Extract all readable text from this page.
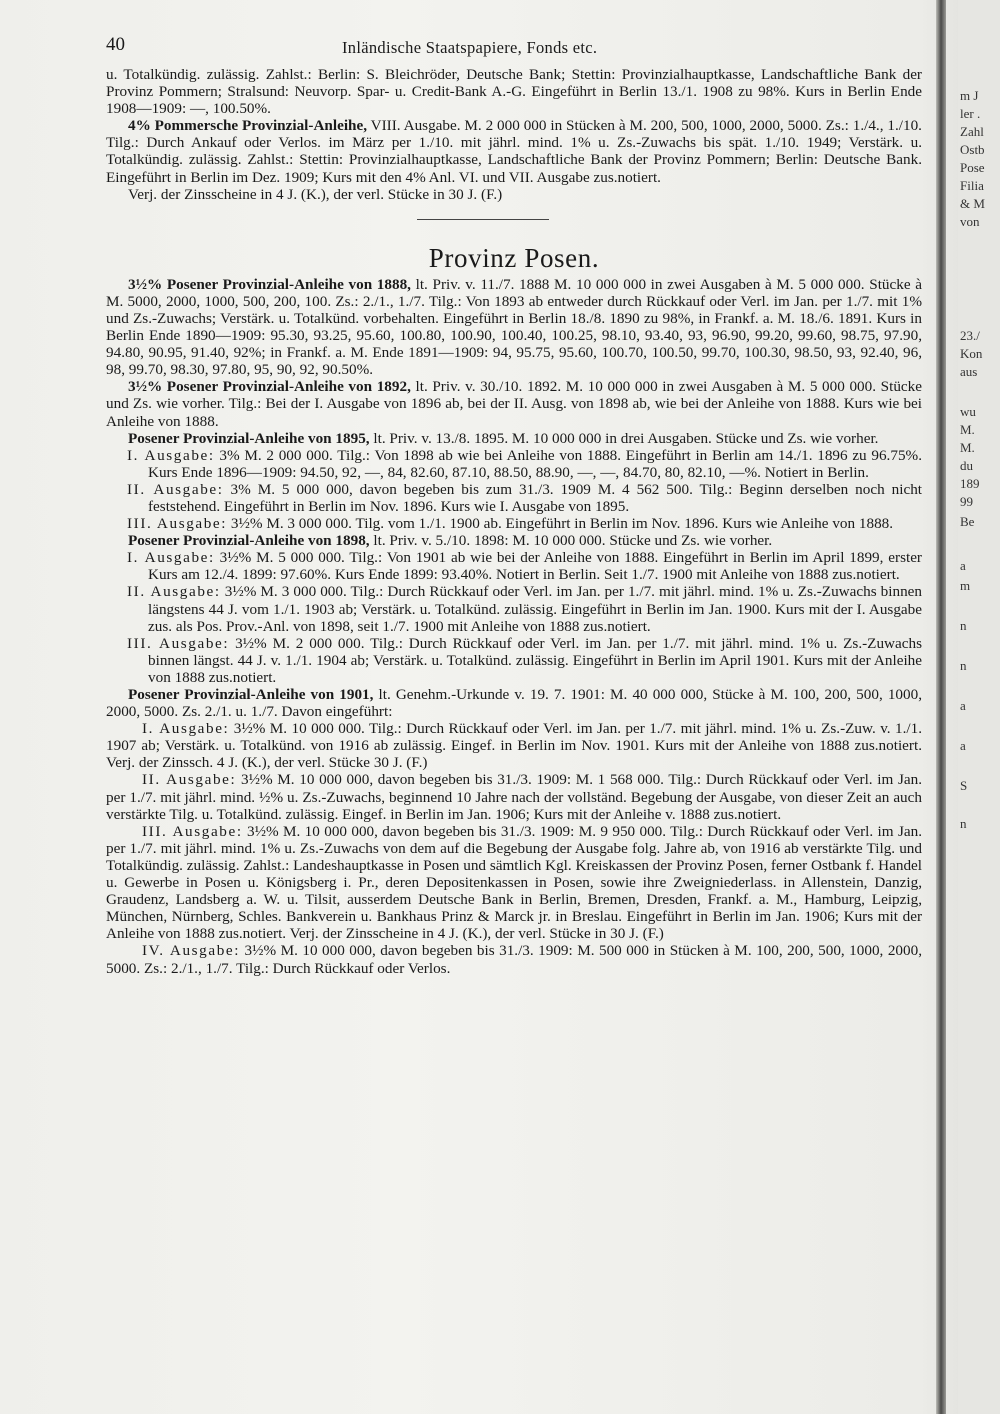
m J
ler .
Zahl
Ostb
Pose
Filia
& M
von
23./
Kon
aus
wu
M.
M.
du
189
99
Be
a
m
n
n
a
a
S
n
40	Inländische Staatspapiere, Fonds etc.

u. Totalkündig. zulässig. Zahlst.: Berlin: S. Bleichröder, Deutsche Bank; Stettin: Provinzialhauptkasse, Landschaftliche Bank der Provinz Pommern; Stralsund: Neuvorp. Spar- u. Credit-Bank A.-G. Eingeführt in Berlin 13./1. 1908 zu 98%. Kurs in Berlin Ende 1908—1909: —, 100.50%.

4% Pommersche Provinzial-Anleihe, VIII. Ausgabe. M. 2 000 000 in Stücken à M. 200, 500, 1000, 2000, 5000. Zs.: 1./4., 1./10. Tilg.: Durch Ankauf oder Verlos. im März per 1./10. mit jährl. mind. 1% u. Zs.-Zuwachs bis spät. 1./10. 1949; Verstärk. u. Totalkündig. zulässig. Zahlst.: Stettin: Provinzialhauptkasse, Landschaftliche Bank der Provinz Pommern; Berlin: Deutsche Bank. Eingeführt in Berlin im Dez. 1909; Kurs mit den 4% Anl. VI. und VII. Ausgabe zus.notiert.

Verj. der Zinsscheine in 4 J. (K.), der verl. Stücke in 30 J. (F.)

Provinz Posen.

3½% Posener Provinzial-Anleihe von 1888, lt. Priv. v. 11./7. 1888 M. 10 000 000 in zwei Ausgaben à M. 5 000 000. Stücke à M. 5000, 2000, 1000, 500, 200, 100. Zs.: 2./1., 1./7. Tilg.: Von 1893 ab entweder durch Rückkauf oder Verl. im Jan. per 1./7. mit 1% und Zs.-Zuwachs; Verstärk. u. Totalkünd. vorbehalten. Eingeführt in Berlin 18./8. 1890 zu 98%, in Frankf. a. M. 18./6. 1891. Kurs in Berlin Ende 1890—1909: 95.30, 93.25, 95.60, 100.80, 100.90, 100.40, 100.25, 98.10, 93.40, 93, 96.90, 99.20, 99.60, 98.75, 97.90, 94.80, 90.95, 91.40, 92%; in Frankf. a. M. Ende 1891—1909: 94, 95.75, 95.60, 100.70, 100.50, 99.70, 100.30, 98.50, 93, 92.40, 96, 98, 99.70, 98.30, 97.80, 95, 90, 92, 90.50%.

3½% Posener Provinzial-Anleihe von 1892, lt. Priv. v. 30./10. 1892. M. 10 000 000 in zwei Ausgaben à M. 5 000 000. Stücke und Zs. wie vorher. Tilg.: Bei der I. Ausgabe von 1896 ab, bei der II. Ausg. von 1898 ab, wie bei der Anleihe von 1888. Kurs wie bei Anleihe von 1888.

Posener Provinzial-Anleihe von 1895, lt. Priv. v. 13./8. 1895. M. 10 000 000 in drei Ausgaben. Stücke und Zs. wie vorher.

I. Ausgabe: 3% M. 2 000 000. Tilg.: Von 1898 ab wie bei Anleihe von 1888. Eingeführt in Berlin am 14./1. 1896 zu 96.75%. Kurs Ende 1896—1909: 94.50, 92, —, 84, 82.60, 87.10, 88.50, 88.90, —, —, 84.70, 80, 82.10, —%. Notiert in Berlin.

II. Ausgabe: 3% M. 5 000 000, davon begeben bis zum 31./3. 1909 M. 4 562 500. Tilg.: Beginn derselben noch nicht feststehend. Eingeführt in Berlin im Nov. 1896. Kurs wie I. Ausgabe von 1895.

III. Ausgabe: 3½% M. 3 000 000. Tilg. vom 1./1. 1900 ab. Eingeführt in Berlin im Nov. 1896. Kurs wie Anleihe von 1888.

Posener Provinzial-Anleihe von 1898, lt. Priv. v. 5./10. 1898: M. 10 000 000. Stücke und Zs. wie vorher.

I. Ausgabe: 3½% M. 5 000 000. Tilg.: Von 1901 ab wie bei der Anleihe von 1888. Eingeführt in Berlin im April 1899, erster Kurs am 12./4. 1899: 97.60%. Kurs Ende 1899: 93.40%. Notiert in Berlin. Seit 1./7. 1900 mit Anleihe von 1888 zus.notiert.

II. Ausgabe: 3½% M. 3 000 000. Tilg.: Durch Rückkauf oder Verl. im Jan. per 1./7. mit jährl. mind. 1% u. Zs.-Zuwachs binnen längstens 44 J. vom 1./1. 1903 ab; Verstärk. u. Totalkünd. zulässig. Eingeführt in Berlin im Jan. 1900. Kurs mit der I. Ausgabe zus. als Pos. Prov.-Anl. von 1898, seit 1./7. 1900 mit Anleihe von 1888 zus.notiert.

III. Ausgabe: 3½% M. 2 000 000. Tilg.: Durch Rückkauf oder Verl. im Jan. per 1./7. mit jährl. mind. 1% u. Zs.-Zuwachs binnen längst. 44 J. v. 1./1. 1904 ab; Verstärk. u. Totalkünd. zulässig. Eingeführt in Berlin im April 1901. Kurs mit der Anleihe von 1888 zus.notiert.

Posener Provinzial-Anleihe von 1901, lt. Genehm.-Urkunde v. 19. 7. 1901: M. 40 000 000, Stücke à M. 100, 200, 500, 1000, 2000, 5000. Zs. 2./1. u. 1./7. Davon eingeführt:

I. Ausgabe: 3½% M. 10 000 000. Tilg.: Durch Rückkauf oder Verl. im Jan. per 1./7. mit jährl. mind. 1% u. Zs.-Zuw. v. 1./1. 1907 ab; Verstärk. u. Totalkünd. von 1916 ab zulässig. Eingef. in Berlin im Nov. 1901. Kurs mit der Anleihe von 1888 zus.notiert. Verj. der Zinssch. 4 J. (K.), der verl. Stücke 30 J. (F.)

II. Ausgabe: 3½% M. 10 000 000, davon begeben bis 31./3. 1909: M. 1 568 000. Tilg.: Durch Rückkauf oder Verl. im Jan. per 1./7. mit jährl. mind. ½% u. Zs.-Zuwachs, beginnend 10 Jahre nach der vollständ. Begebung der Ausgabe, von dieser Zeit an auch verstärkte Tilg. u. Totalkünd. zulässig. Eingef. in Berlin im Jan. 1906; Kurs mit der Anleihe v. 1888 zus.notiert.

III. Ausgabe: 3½% M. 10 000 000, davon begeben bis 31./3. 1909: M. 9 950 000. Tilg.: Durch Rückkauf oder Verl. im Jan. per 1./7. mit jährl. mind. 1% u. Zs.-Zuwachs von dem auf die Begebung der Ausgabe folg. Jahre ab, von 1916 ab verstärkte Tilg. und Totalkündig. zulässig. Zahlst.: Landeshauptkasse in Posen und sämtlich Kgl. Kreiskassen der Provinz Posen, ferner Ostbank f. Handel u. Gewerbe in Posen u. Königsberg i. Pr., deren Depositenkassen in Posen, sowie ihre Zweigniederlass. in Allenstein, Danzig, Graudenz, Landsberg a. W. u. Tilsit, ausserdem Deutsche Bank in Berlin, Bremen, Dresden, Frankf. a. M., Hamburg, Leipzig, München, Nürnberg, Schles. Bankverein u. Bankhaus Prinz & Marck jr. in Breslau. Eingeführt in Berlin im Jan. 1906; Kurs mit der Anleihe von 1888 zus.notiert. Verj. der Zinsscheine in 4 J. (K.), der verl. Stücke in 30 J. (F.)

IV. Ausgabe: 3½% M. 10 000 000, davon begeben bis 31./3. 1909: M. 500 000 in Stücken à M. 100, 200, 500, 1000, 2000, 5000. Zs.: 2./1., 1./7. Tilg.: Durch Rückkauf oder Verlos.
